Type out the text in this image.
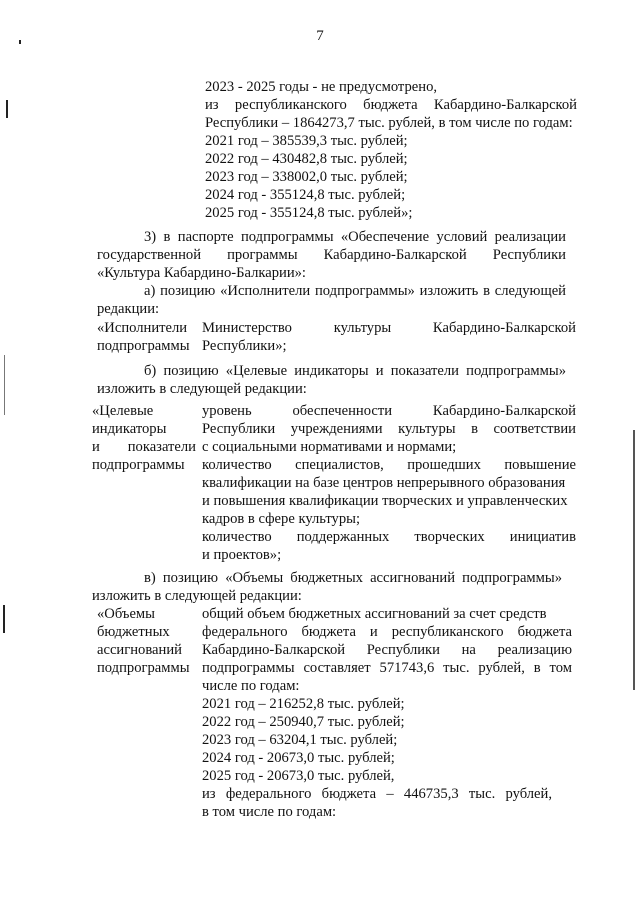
7
2023 - 2025 годы - не предусмотрено,
из республиканского бюджета Кабардино-Балкарской
Республики – 1864273,7 тыс. рублей, в том числе по годам:
2021 год – 385539,3 тыс. рублей;
2022 год – 430482,8 тыс. рублей;
2023 год – 338002,0 тыс. рублей;
2024 год - 355124,8 тыс. рублей;
2025 год - 355124,8 тыс. рублей»;
3) в паспорте подпрограммы «Обеспечение условий реализации
государственной программы Кабардино-Балкарской Республики
«Культура Кабардино-Балкарии»:
а) позицию «Исполнители подпрограммы» изложить в следующей
редакции:
«Исполнители
подпрограммы
Министерство культуры Кабардино-Балкарской
Республики»;
б) позицию «Целевые индикаторы и показатели подпрограммы»
изложить в следующей редакции:
«Целевые
индикаторы
и показатели
подпрограммы
уровень обеспеченности Кабардино-Балкарской
Республики учреждениями культуры в соответствии
с социальными нормативами и нормами;
количество специалистов, прошедших повышение
квалификации на базе центров непрерывного образования
и повышения квалификации творческих и управленческих
кадров в сфере культуры;
количество поддержанных творческих инициатив
и проектов»;
в) позицию «Объемы бюджетных ассигнований подпрограммы»
изложить в следующей редакции:
«Объемы
бюджетных
ассигнований
подпрограммы
общий объем бюджетных ассигнований за счет средств
федерального бюджета и республиканского бюджета
Кабардино-Балкарской Республики на реализацию
подпрограммы составляет 571743,6 тыс. рублей, в том
числе по годам:
2021 год – 216252,8 тыс. рублей;
2022 год – 250940,7 тыс. рублей;
2023 год – 63204,1 тыс. рублей;
2024 год - 20673,0 тыс. рублей;
2025 год - 20673,0 тыс. рублей,
из федерального бюджета – 446735,3 тыс. рублей,
в том числе по годам:
